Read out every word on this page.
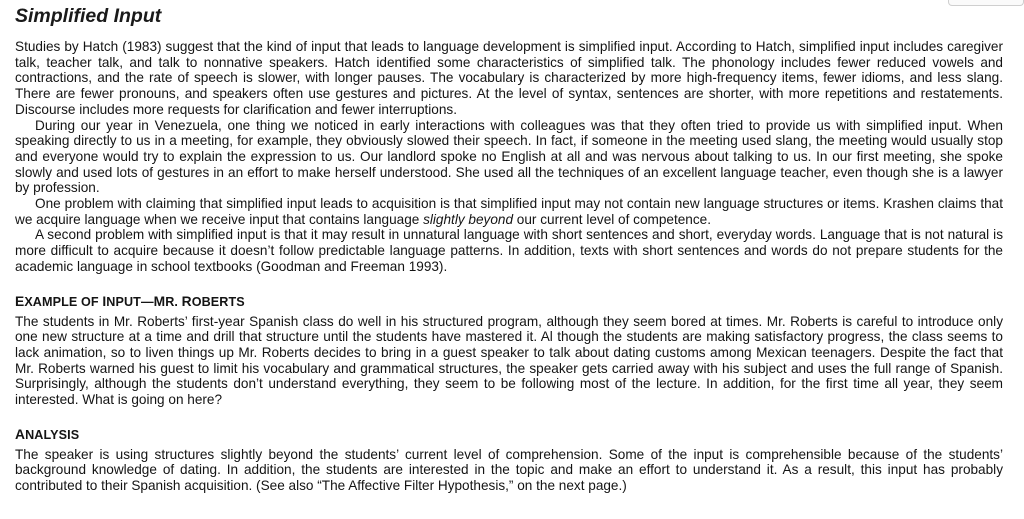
Simplified Input

Studies by Hatch (1983) suggest that the kind of input that leads to language development is simplified input. According to Hatch, simplified input includes caregiver talk, teacher talk, and talk to nonnative speakers. Hatch identified some characteristics of simplified talk. The phonology includes fewer reduced vowels and contractions, and the rate of speech is slower, with longer pauses. The vocabulary is characterized by more high-frequency items, fewer idioms, and less slang. There are fewer pronouns, and speakers often use gestures and pictures. At the level of syntax, sentences are shorter, with more repetitions and restatements. Discourse includes more requests for clarification and fewer interruptions.

During our year in Venezuela, one thing we noticed in early interactions with colleagues was that they often tried to provide us with simplified input. When speaking directly to us in a meeting, for example, they obviously slowed their speech. In fact, if someone in the meeting used slang, the meeting would usually stop and everyone would try to explain the expression to us. Our landlord spoke no English at all and was nervous about talking to us. In our first meeting, she spoke slowly and used lots of gestures in an effort to make herself understood. She used all the techniques of an excellent language teacher, even though she is a lawyer by profession.

One problem with claiming that simplified input leads to acquisition is that simplified input may not contain new language structures or items. Krashen claims that we acquire language when we receive input that contains language slightly beyond our current level of competence.

A second problem with simplified input is that it may result in unnatural language with short sentences and short, everyday words. Language that is not natural is more difficult to acquire because it doesn’t follow predictable language patterns. In addition, texts with short sentences and words do not prepare students for the academic language in school textbooks (Goodman and Freeman 1993).

EXAMPLE OF INPUT—MR. ROBERTS

The students in Mr. Roberts’ first-year Spanish class do well in his structured program, although they seem bored at times. Mr. Roberts is careful to introduce only one new structure at a time and drill that structure until the students have mastered it. Al though the students are making satisfactory progress, the class seems to lack animation, so to liven things up Mr. Roberts decides to bring in a guest speaker to talk about dating customs among Mexican teenagers. Despite the fact that Mr. Roberts warned his guest to limit his vocabulary and grammatical structures, the speaker gets carried away with his subject and uses the full range of Spanish. Surprisingly, although the students don’t understand everything, they seem to be following most of the lecture. In addition, for the first time all year, they seem interested. What is going on here?

ANALYSIS

The speaker is using structures slightly beyond the students’ current level of comprehension. Some of the input is comprehensible because of the students’ background knowledge of dating. In addition, the students are interested in the topic and make an effort to understand it. As a result, this input has probably contributed to their Spanish acquisition. (See also “The Affective Filter Hypothesis,” on the next page.)
